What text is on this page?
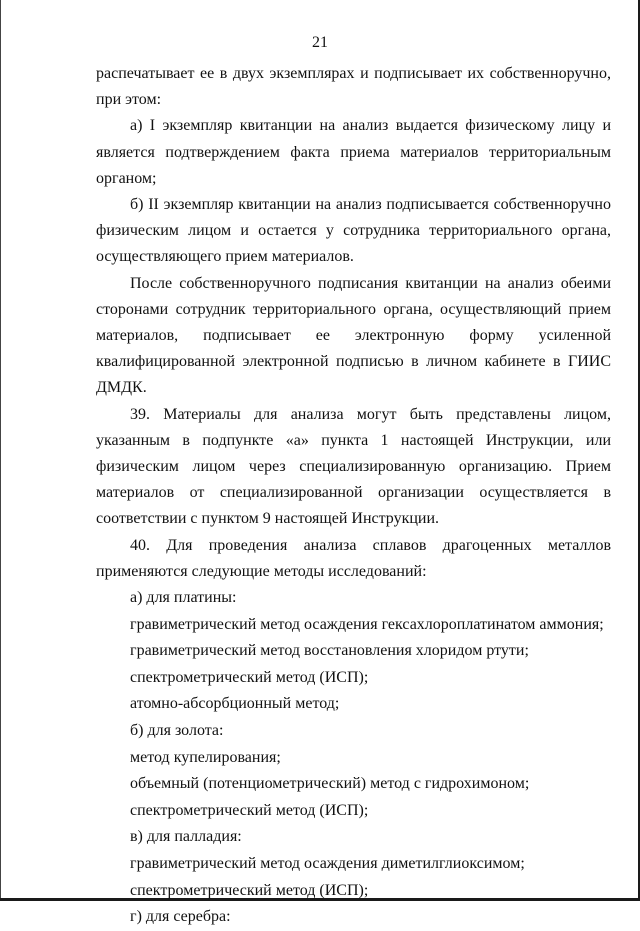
21

распечатывает ее в двух экземплярах и подписывает их собственноручно, при этом:

а) I экземпляр квитанции на анализ выдается физическому лицу и является подтверждением факта приема материалов территориальным органом;

б) II экземпляр квитанции на анализ подписывается собственноручно физическим лицом и остается у сотрудника территориального органа, осуществляющего прием материалов.

После собственноручного подписания квитанции на анализ обеими сторонами сотрудник территориального органа, осуществляющий прием материалов, подписывает ее электронную форму усиленной квалифицированной электронной подписью в личном кабинете в ГИИС ДМДК.

39. Материалы для анализа могут быть представлены лицом, указанным в подпункте «а» пункта 1 настоящей Инструкции, или физическим лицом через специализированную организацию. Прием материалов от специализированной организации осуществляется в соответствии с пунктом 9 настоящей Инструкции.

40. Для проведения анализа сплавов драгоценных металлов применяются следующие методы исследований:

а) для платины:
гравиметрический метод осаждения гексахлороплатинатом аммония;
гравиметрический метод восстановления хлоридом ртути;
спектрометрический метод (ИСП);
атомно-абсорбционный метод;
б) для золота:
метод купелирования;
объемный (потенциометрический) метод с гидрохимоном;
спектрометрический метод (ИСП);
в) для палладия:
гравиметрический метод осаждения диметилглиоксимом;
спектрометрический метод (ИСП);
г) для серебра:
